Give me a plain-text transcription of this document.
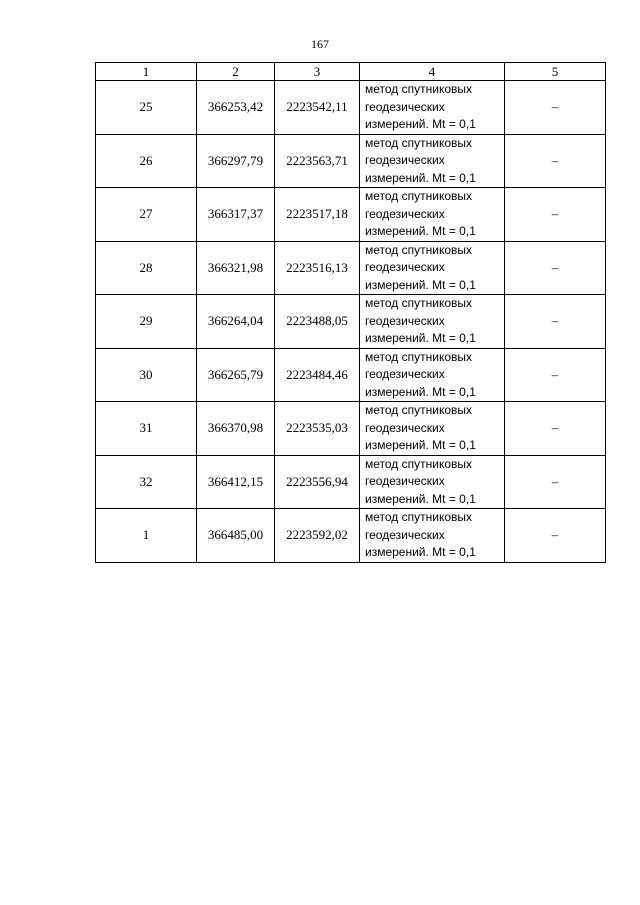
167
1	2	3	4	5
25	366253,42	2223542,11	метод спутниковых
геодезических
измерений. Mt = 0,1	–
26	366297,79	2223563,71	метод спутниковых
геодезических
измерений. Mt = 0,1	–
27	366317,37	2223517,18	метод спутниковых
геодезических
измерений. Mt = 0,1	–
28	366321,98	2223516,13	метод спутниковых
геодезических
измерений. Mt = 0,1	–
29	366264,04	2223488,05	метод спутниковых
геодезических
измерений. Mt = 0,1	–
30	366265,79	2223484,46	метод спутниковых
геодезических
измерений. Mt = 0,1	–
31	366370,98	2223535,03	метод спутниковых
геодезических
измерений. Mt = 0,1	–
32	366412,15	2223556,94	метод спутниковых
геодезических
измерений. Mt = 0,1	–
1	366485,00	2223592,02	метод спутниковых
геодезических
измерений. Mt = 0,1	–
